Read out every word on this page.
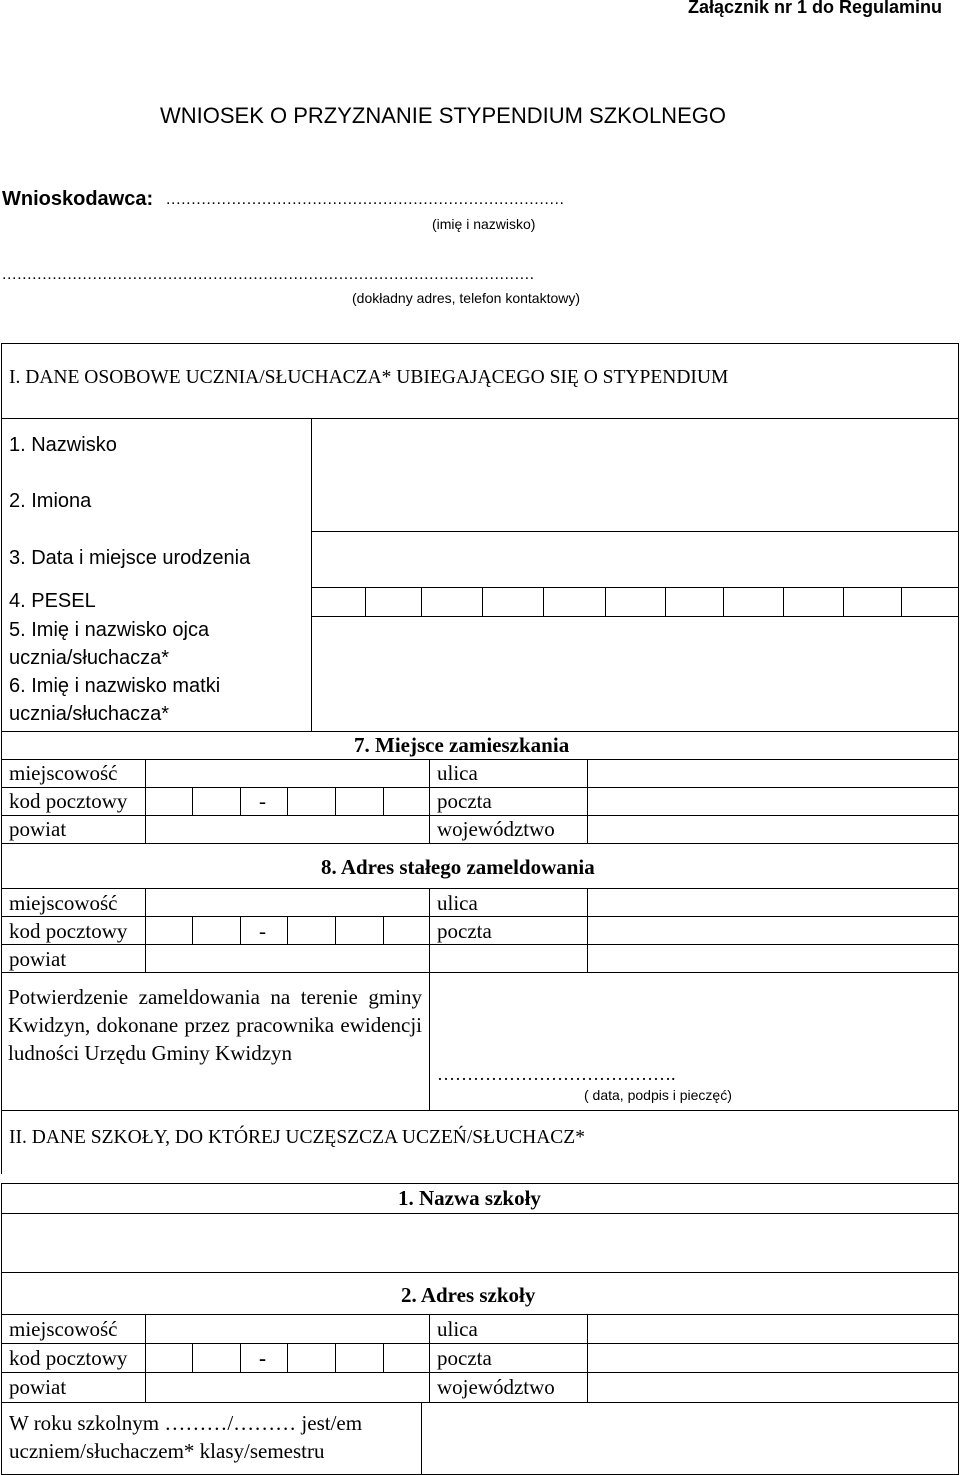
Załącznik nr 1 do Regulaminu
WNIOSEK O PRZYZNANIE STYPENDIUM SZKOLNEGO
Wnioskodawca: ...............................................................................
(imię i nazwisko)
..........................................................................................................
(dokładny adres, telefon kontaktowy)
I. DANE OSOBOWE UCZNIA/SŁUCHACZA* UBIEGAJĄCEGO SIĘ O STYPENDIUM
1. Nazwisko
2. Imiona
3. Data i miejsce urodzenia
4. PESEL
5. Imię i nazwisko ojca
ucznia/słuchacza*
6. Imię i nazwisko matki
ucznia/słuchacza*
7. Miejsce zamieszkania
miejscowość	ulica
kod pocztowy	-	poczta
powiat	województwo
8. Adres stałego zameldowania
miejscowość	ulica
kod pocztowy	-	poczta
powiat
Potwierdzenie zameldowania na terenie gminy Kwidzyn, dokonane przez pracownika ewidencji ludności Urzędu Gminy Kwidzyn
………………………………….
( data, podpis i pieczęć)
II. DANE SZKOŁY, DO KTÓREJ UCZĘSZCZA UCZEŃ/SŁUCHACZ*
1. Nazwa szkoły
2. Adres szkoły
miejscowość	ulica
kod pocztowy	-	poczta
powiat	województwo
W roku szkolnym ………/……… jest/em
uczniem/słuchaczem* klasy/semestru
